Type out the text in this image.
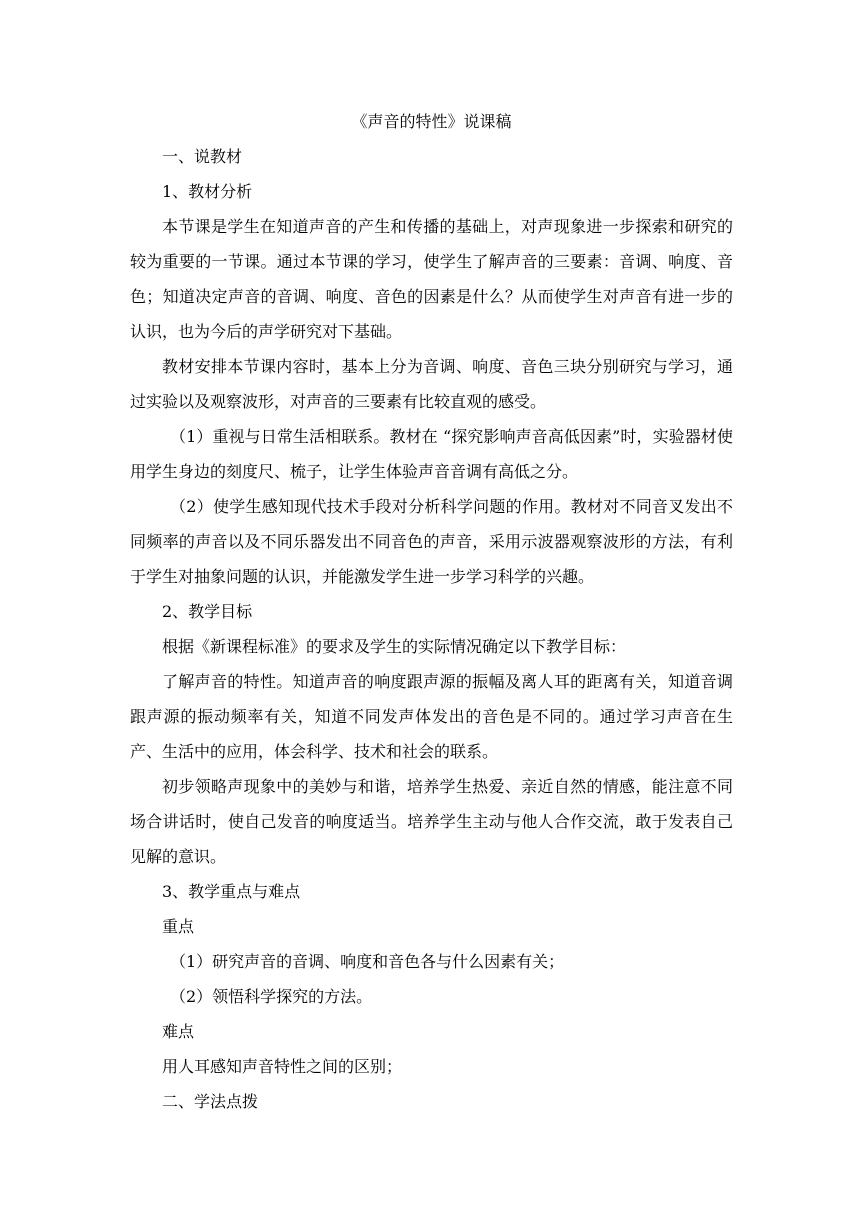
《声音的特性》说课稿

一、说教材

1、教材分析

本节课是学生在知道声音的产生和传播的基础上，对声现象进一步探索和研究的较为重要的一节课。通过本节课的学习，使学生了解声音的三要素：音调、响度、音色；知道决定声音的音调、响度、音色的因素是什么？从而使学生对声音有进一步的认识，也为今后的声学研究对下基础。

教材安排本节课内容时，基本上分为音调、响度、音色三块分别研究与学习，通过实验以及观察波形，对声音的三要素有比较直观的感受。

（1）重视与日常生活相联系。教材在 “探究影响声音高低因素”时，实验器材使用学生身边的刻度尺、梳子，让学生体验声音音调有高低之分。

（2）使学生感知现代技术手段对分析科学问题的作用。教材对不同音叉发出不同频率的声音以及不同乐器发出不同音色的声音，采用示波器观察波形的方法，有利于学生对抽象问题的认识，并能激发学生进一步学习科学的兴趣。

2、教学目标

根据《新课程标准》的要求及学生的实际情况确定以下教学目标：

了解声音的特性。知道声音的响度跟声源的振幅及离人耳的距离有关，知道音调跟声源的振动频率有关，知道不同发声体发出的音色是不同的。通过学习声音在生产、生活中的应用，体会科学、技术和社会的联系。

初步领略声现象中的美妙与和谐，培养学生热爱、亲近自然的情感，能注意不同场合讲话时，使自己发音的响度适当。培养学生主动与他人合作交流，敢于发表自己见解的意识。

3、教学重点与难点

重点

（1）研究声音的音调、响度和音色各与什么因素有关；

（2）领悟科学探究的方法。

难点

用人耳感知声音特性之间的区别；

二、学法点拨
